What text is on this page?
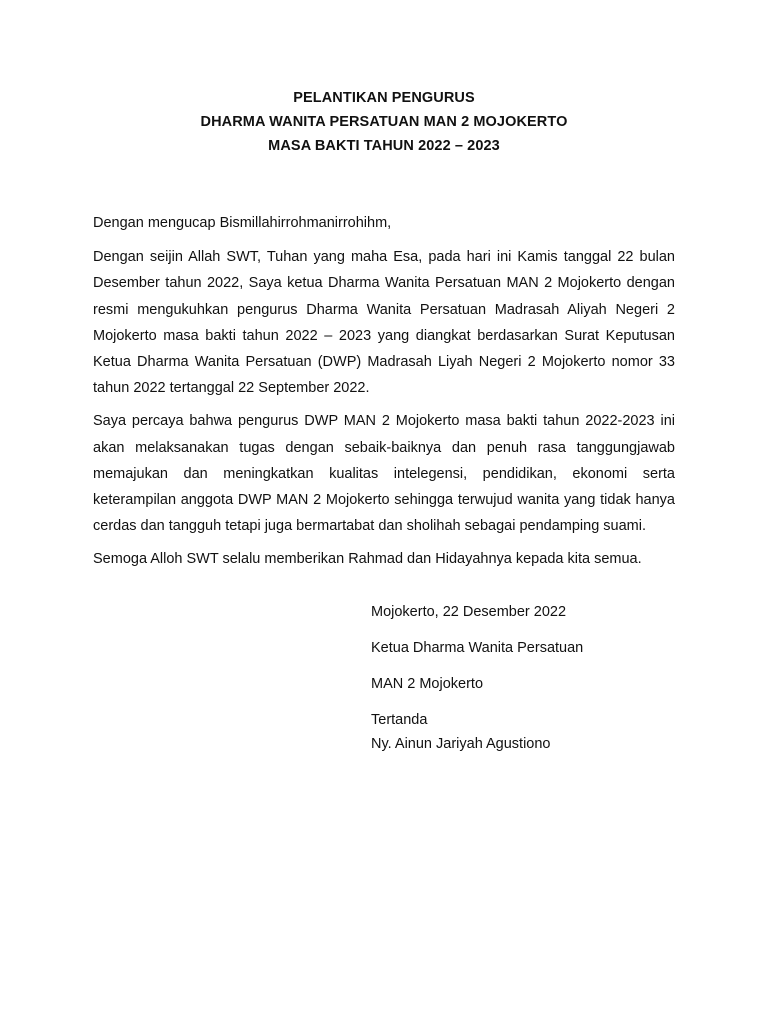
PELANTIKAN PENGURUS
DHARMA WANITA PERSATUAN MAN 2 MOJOKERTO
MASA BAKTI TAHUN 2022 – 2023

Dengan mengucap Bismillahirrohmanirrohihm,

Dengan seijin Allah SWT, Tuhan yang maha Esa, pada hari ini Kamis tanggal 22 bulan Desember tahun 2022, Saya ketua Dharma Wanita Persatuan MAN 2 Mojokerto dengan resmi mengukuhkan pengurus Dharma Wanita Persatuan Madrasah Aliyah Negeri 2 Mojokerto masa bakti tahun 2022 – 2023 yang diangkat berdasarkan Surat Keputusan Ketua Dharma Wanita Persatuan (DWP) Madrasah Liyah Negeri 2 Mojokerto nomor 33 tahun 2022 tertanggal 22 September 2022.

Saya percaya bahwa pengurus DWP MAN 2 Mojokerto masa bakti tahun 2022-2023 ini akan melaksanakan tugas dengan sebaik-baiknya dan penuh rasa tanggungjawab memajukan dan meningkatkan kualitas intelegensi, pendidikan, ekonomi serta keterampilan anggota DWP MAN 2 Mojokerto sehingga terwujud wanita yang tidak hanya cerdas dan tangguh tetapi juga bermartabat dan sholihah sebagai pendamping suami.

Semoga Alloh SWT selalu memberikan Rahmad dan Hidayahnya kepada kita semua.

Mojokerto, 22 Desember 2022

Ketua Dharma Wanita Persatuan

MAN 2 Mojokerto

Tertanda

Ny. Ainun Jariyah Agustiono
